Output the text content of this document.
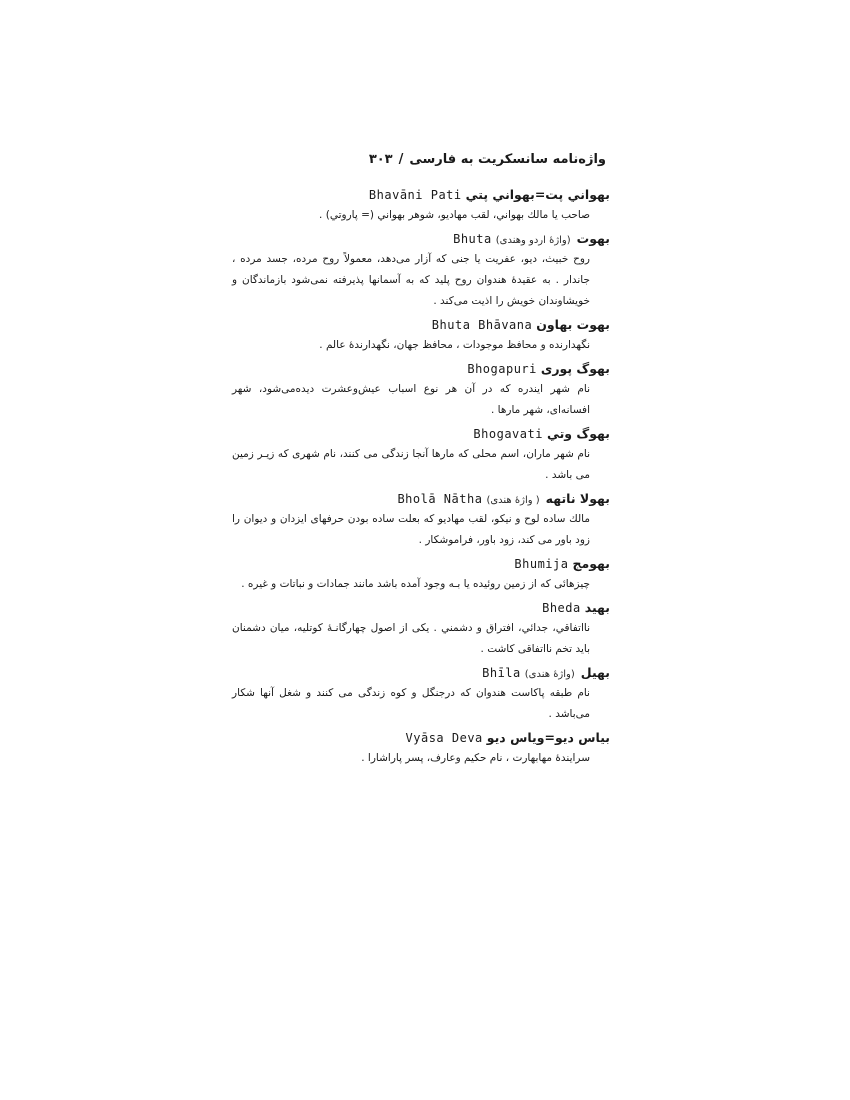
واژه‌نامه سانسکریت به فارسی/۳۰۳
بهواني پت=بهواني پتيBhavāni Pati
صاحب یا مالك بهواني، لقب مهادیو، شوهر بهواني (= پاروتي) .
بهوت(واژهٔ اردو وهندی)Bhuta
روح خبیث، دیو، عفریت یا جنی که آزار می‌دهد، معمولاً روح مرده، جسد مرده ، جاندار . به عقیدهٔ هندوان روح پلید که به آسمانها پذیرفته نمی‌شود بازماندگان و خویشاوندان خویش را اذیت می‌کند .
بهوت بهاونBhuta Bhāvana
نگهدارنده و محافظ موجودات ، محافظ جهان، نگهدارندهٔ عالم .
بهوگ پوریBhogapuri
نام شهر ایندره که در آن هر نوع اسباب عیش‌وعشرت دیده‌می‌شود، شهر افسانه‌ای، شهر مارها .
بهوگ وتيBhogavati
نام شهر ماران، اسم محلی که مارها آنجا زندگی می کنند، نام شهری که زیـر زمین می باشد .
بهولا ناتهه( واژهٔ هندی)Bholā Nātha
مالك ساده لوح و نیکو، لقب مهادیو که بعلت ساده بودن حرفهای ایزدان و دیوان را زود باور می کند، زود باور، فراموشکار .
بهومجBhumija
چیزهائی که از زمین روئیده یا بـه وجود آمده باشد مانند جمادات و نباتات و غیره .
بهیدBheda
نااتفاقي، جدائي، افتراق و دشمني . یکی از اصول چهارگانـهٔ کوتلیه، میان دشمنان باید تخم نااتفاقی کاشت .
بهیل(واژهٔ هندی)Bhīla
نام طبقه پاکاست هندوان که درجنگل و کوه زندگی می کنند و شغل آنها شکار می‌باشد .
بیاس دیو=ویاس دیوVyāsa Deva
سرایندهٔ مهابهارت ، نام حکیم وعارف، پسر پاراشارا .
